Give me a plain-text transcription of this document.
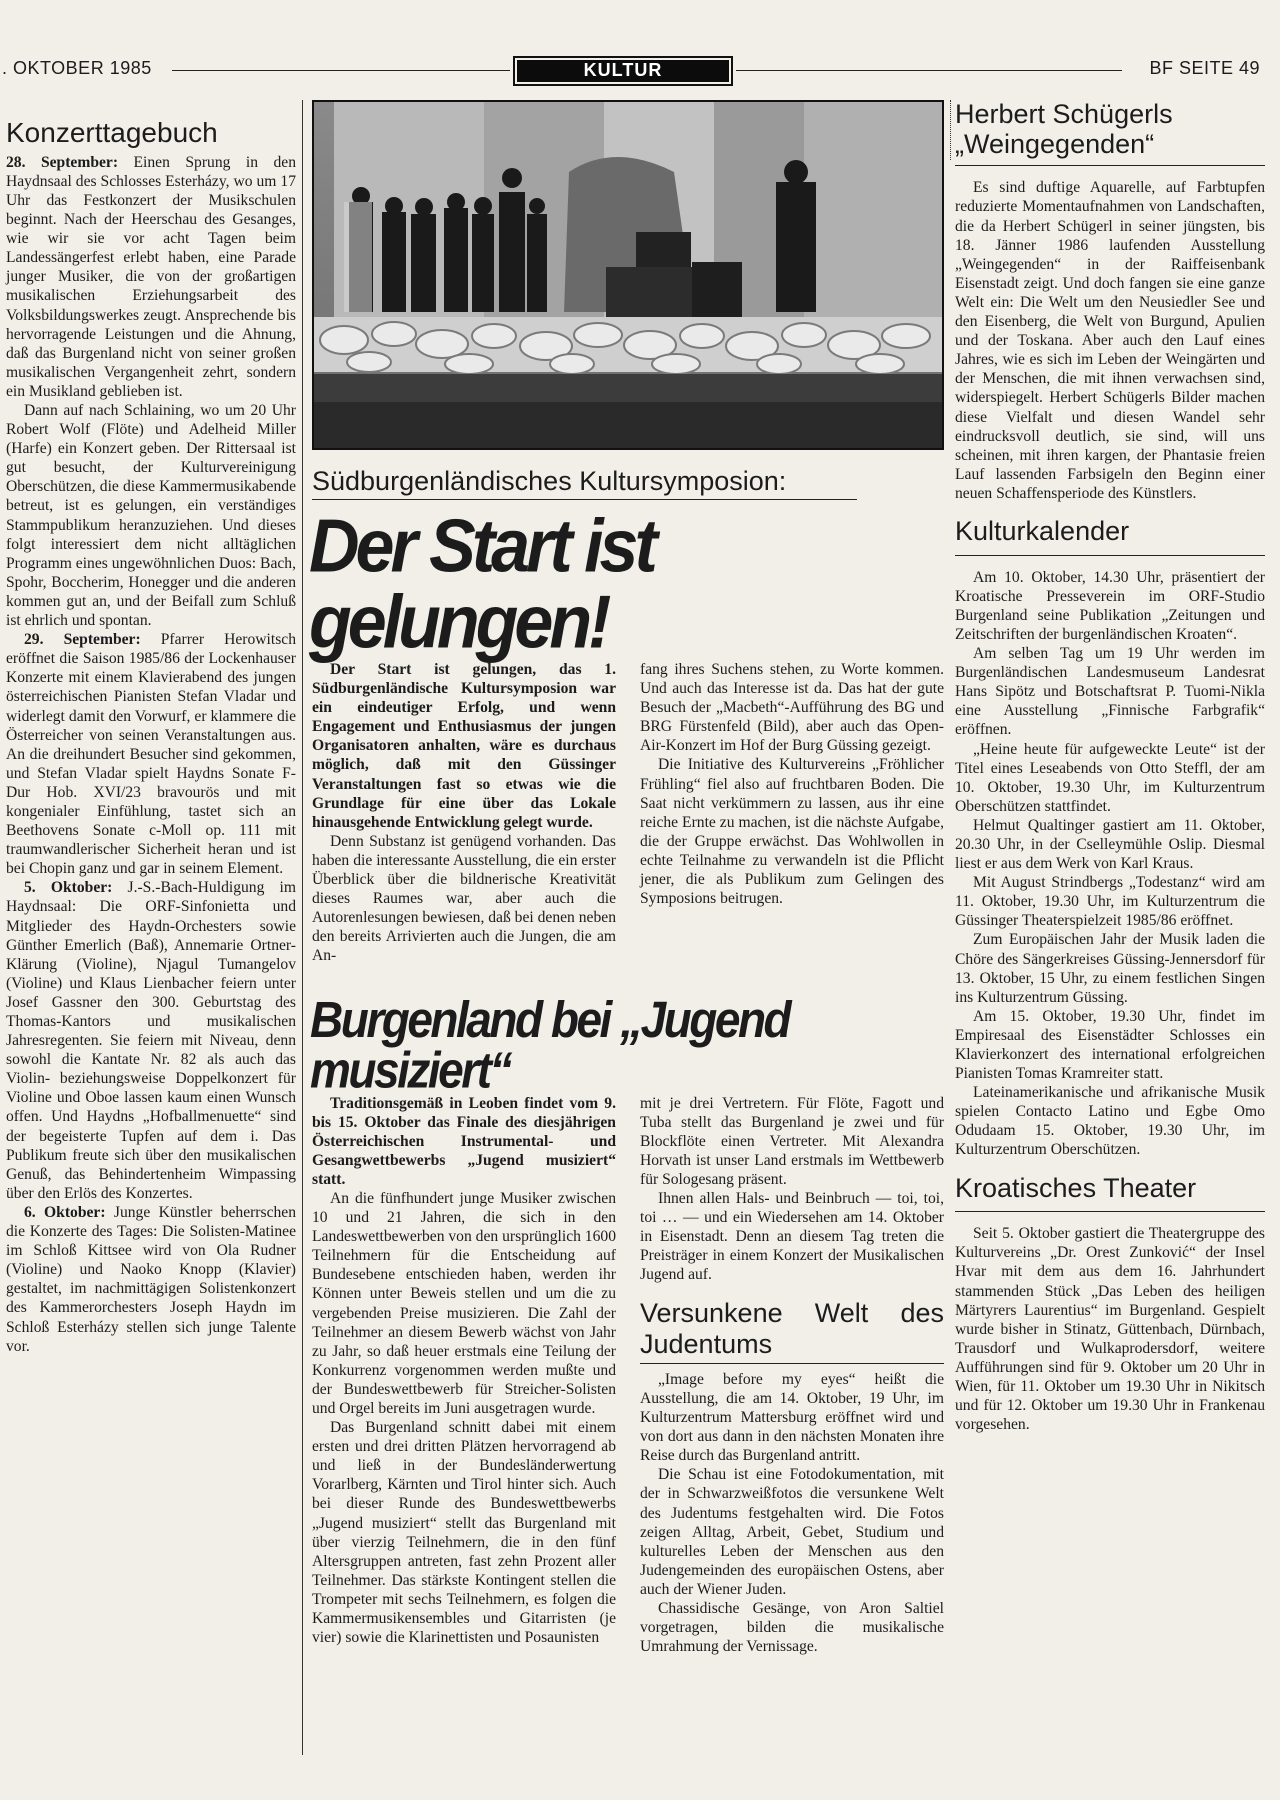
. OKTOBER 1985	KULTUR	BF SEITE 49
Konzerttagebuch

28. September: Einen Sprung in den Haydnsaal des Schlosses Esterházy, wo um 17 Uhr das Festkonzert der Musikschulen beginnt. Nach der Heerschau des Gesanges, wie wir sie vor acht Tagen beim Landessängerfest erlebt haben, eine Parade junger Musiker, die von der großartigen musikalischen Erziehungsarbeit des Volksbildungswerkes zeugt. Ansprechende bis hervorragende Leistungen und die Ahnung, daß das Burgenland nicht von seiner großen musikalischen Vergangenheit zehrt, sondern ein Musikland geblieben ist.

Dann auf nach Schlaining, wo um 20 Uhr Robert Wolf (Flöte) und Adelheid Miller (Harfe) ein Konzert geben. Der Rittersaal ist gut besucht, der Kulturvereinigung Oberschützen, die diese Kammermusikabende betreut, ist es gelungen, ein verständiges Stammpublikum heranzuziehen. Und dieses folgt interessiert dem nicht alltäglichen Programm eines ungewöhnlichen Duos: Bach, Spohr, Boccherim, Honegger und die anderen kommen gut an, und der Beifall zum Schluß ist ehrlich und spontan.

29. September: Pfarrer Herowitsch eröffnet die Saison 1985/86 der Lockenhauser Konzerte mit einem Klavierabend des jungen österreichischen Pianisten Stefan Vladar und widerlegt damit den Vorwurf, er klammere die Österreicher von seinen Veranstaltungen aus. An die dreihundert Besucher sind gekommen, und Stefan Vladar spielt Haydns Sonate F-Dur Hob. XVI/23 bravourös und mit kongenialer Einfühlung, tastet sich an Beethovens Sonate c-Moll op. 111 mit traumwandlerischer Sicherheit heran und ist bei Chopin ganz und gar in seinem Element.

5. Oktober: J.-S.-Bach-Huldigung im Haydnsaal: Die ORF-Sinfonietta und Mitglieder des Haydn-Orchesters sowie Günther Emerlich (Baß), Annemarie Ortner-Klärung (Violine), Njagul Tumangelov (Violine) und Klaus Lienbacher feiern unter Josef Gassner den 300. Geburtstag des Thomas-Kantors und musikalischen Jahresregenten. Sie feiern mit Niveau, denn sowohl die Kantate Nr. 82 als auch das Violin- beziehungsweise Doppelkonzert für Violine und Oboe lassen kaum einen Wunsch offen. Und Haydns „Hofballmenuette“ sind der begeisterte Tupfen auf dem i. Das Publikum freute sich über den musikalischen Genuß, das Behindertenheim Wimpassing über den Erlös des Konzertes.

6. Oktober: Junge Künstler beherrschen die Konzerte des Tages: Die Solisten-Matinee im Schloß Kittsee wird von Ola Rudner (Violine) und Naoko Knopp (Klavier) gestaltet, im nachmittägigen Solistenkonzert des Kammerorchesters Joseph Haydn im Schloß Esterházy stellen sich junge Talente vor.

Südburgenländisches Kultursymposion:
Der Start ist gelungen!

Der Start ist gelungen, das 1. Südburgenländische Kultursymposion war ein eindeutiger Erfolg, und wenn Engagement und Enthusiasmus der jungen Organisatoren anhalten, wäre es durchaus möglich, daß mit den Güssinger Veranstaltungen fast so etwas wie die Grundlage für eine über das Lokale hinausgehende Entwicklung gelegt wurde.

Denn Substanz ist genügend vorhanden. Das haben die interessante Ausstellung, die ein erster Überblick über die bildnerische Kreativität dieses Raumes war, aber auch die Autorenlesungen bewiesen, daß bei denen neben den bereits Arrivierten auch die Jungen, die am An-

fang ihres Suchens stehen, zu Worte kommen. Und auch das Interesse ist da. Das hat der gute Besuch der „Macbeth“-Aufführung des BG und BRG Fürstenfeld (Bild), aber auch das Open-Air-Konzert im Hof der Burg Güssing gezeigt.

Die Initiative des Kulturvereins „Fröhlicher Frühling“ fiel also auf fruchtbaren Boden. Die Saat nicht verkümmern zu lassen, aus ihr eine reiche Ernte zu machen, ist die nächste Aufgabe, die der Gruppe erwächst. Das Wohlwollen in echte Teilnahme zu verwandeln ist die Pflicht jener, die als Publikum zum Gelingen des Symposions beitrugen.

Burgenland bei „Jugend musiziert“

Traditionsgemäß in Leoben findet vom 9. bis 15. Oktober das Finale des diesjährigen Österreichischen Instrumental- und Gesangwettbewerbs „Jugend musiziert“ statt.

An die fünfhundert junge Musiker zwischen 10 und 21 Jahren, die sich in den Landeswettbewerben von den ursprünglich 1600 Teilnehmern für die Entscheidung auf Bundesebene entschieden haben, werden ihr Können unter Beweis stellen und um die zu vergebenden Preise musizieren. Die Zahl der Teilnehmer an diesem Bewerb wächst von Jahr zu Jahr, so daß heuer erstmals eine Teilung der Konkurrenz vorgenommen werden mußte und der Bundeswettbewerb für Streicher-Solisten und Orgel bereits im Juni ausgetragen wurde.

Das Burgenland schnitt dabei mit einem ersten und drei dritten Plätzen hervorragend ab und ließ in der Bundesländerwertung Vorarlberg, Kärnten und Tirol hinter sich. Auch bei dieser Runde des Bundeswettbewerbs „Jugend musiziert“ stellt das Burgenland mit über vierzig Teilnehmern, die in den fünf Altersgruppen antreten, fast zehn Prozent aller Teilnehmer. Das stärkste Kontingent stellen die Trompeter mit sechs Teilnehmern, es folgen die Kammermusikensembles und Gitarristen (je vier) sowie die Klarinettisten und Posaunisten

mit je drei Vertretern. Für Flöte, Fagott und Tuba stellt das Burgenland je zwei und für Blockflöte einen Vertreter. Mit Alexandra Horvath ist unser Land erstmals im Wettbewerb für Sologesang präsent.

Ihnen allen Hals- und Beinbruch — toi, toi, toi … — und ein Wiedersehen am 14. Oktober in Eisenstadt. Denn an diesem Tag treten die Preisträger in einem Konzert der Musikalischen Jugend auf.

Versunkene Welt des Judentums

„Image before my eyes“ heißt die Ausstellung, die am 14. Oktober, 19 Uhr, im Kulturzentrum Mattersburg eröffnet wird und von dort aus dann in den nächsten Monaten ihre Reise durch das Burgenland antritt.

Die Schau ist eine Fotodokumentation, mit der in Schwarzweißfotos die versunkene Welt des Judentums festgehalten wird. Die Fotos zeigen Alltag, Arbeit, Gebet, Studium und kulturelles Leben der Menschen aus den Judengemeinden des europäischen Ostens, aber auch der Wiener Juden.

Chassidische Gesänge, von Aron Saltiel vorgetragen, bilden die musikalische Umrahmung der Vernissage.

Herbert Schügerls „Weingegenden“

Es sind duftige Aquarelle, auf Farbtupfen reduzierte Momentaufnahmen von Landschaften, die da Herbert Schügerl in seiner jüngsten, bis 18. Jänner 1986 laufenden Ausstellung „Weingegenden“ in der Raiffeisenbank Eisenstadt zeigt. Und doch fangen sie eine ganze Welt ein: Die Welt um den Neusiedler See und den Eisenberg, die Welt von Burgund, Apulien und der Toskana. Aber auch den Lauf eines Jahres, wie es sich im Leben der Weingärten und der Menschen, die mit ihnen verwachsen sind, widerspiegelt. Herbert Schügerls Bilder machen diese Vielfalt und diesen Wandel sehr eindrucksvoll deutlich, sie sind, will uns scheinen, mit ihren kargen, der Phantasie freien Lauf lassenden Farbsigeln den Beginn einer neuen Schaffensperiode des Künstlers.

Kulturkalender

Am 10. Oktober, 14.30 Uhr, präsentiert der Kroatische Presseverein im ORF-Studio Burgenland seine Publikation „Zeitungen und Zeitschriften der burgenländischen Kroaten“.

Am selben Tag um 19 Uhr werden im Burgenländischen Landesmuseum Landesrat Hans Sipötz und Botschaftsrat P. Tuomi-Nikla eine Ausstellung „Finnische Farbgrafik“ eröffnen.

„Heine heute für aufgeweckte Leute“ ist der Titel eines Leseabends von Otto Steffl, der am 10. Oktober, 19.30 Uhr, im Kulturzentrum Oberschützen stattfindet.

Helmut Qualtinger gastiert am 11. Oktober, 20.30 Uhr, in der Cselleymühle Oslip. Diesmal liest er aus dem Werk von Karl Kraus.

Mit August Strindbergs „Todestanz“ wird am 11. Oktober, 19.30 Uhr, im Kulturzentrum die Güssinger Theaterspielzeit 1985/86 eröffnet.

Zum Europäischen Jahr der Musik laden die Chöre des Sängerkreises Güssing-Jennersdorf für 13. Oktober, 15 Uhr, zu einem festlichen Singen ins Kulturzentrum Güssing.

Am 15. Oktober, 19.30 Uhr, findet im Empiresaal des Eisenstädter Schlosses ein Klavierkonzert des international erfolgreichen Pianisten Tomas Kramreiter statt.

Lateinamerikanische und afrikanische Musik spielen Contacto Latino und Egbe Omo Odudaam 15. Oktober, 19.30 Uhr, im Kulturzentrum Oberschützen.

Kroatisches Theater

Seit 5. Oktober gastiert die Theatergruppe des Kulturvereins „Dr. Orest Zunković“ der Insel Hvar mit dem aus dem 16. Jahrhundert stammenden Stück „Das Leben des heiligen Märtyrers Laurentius“ im Burgenland. Gespielt wurde bisher in Stinatz, Güttenbach, Dürnbach, Trausdorf und Wulkaprodersdorf, weitere Aufführungen sind für 9. Oktober um 20 Uhr in Wien, für 11. Oktober um 19.30 Uhr in Nikitsch und für 12. Oktober um 19.30 Uhr in Frankenau vorgesehen.
